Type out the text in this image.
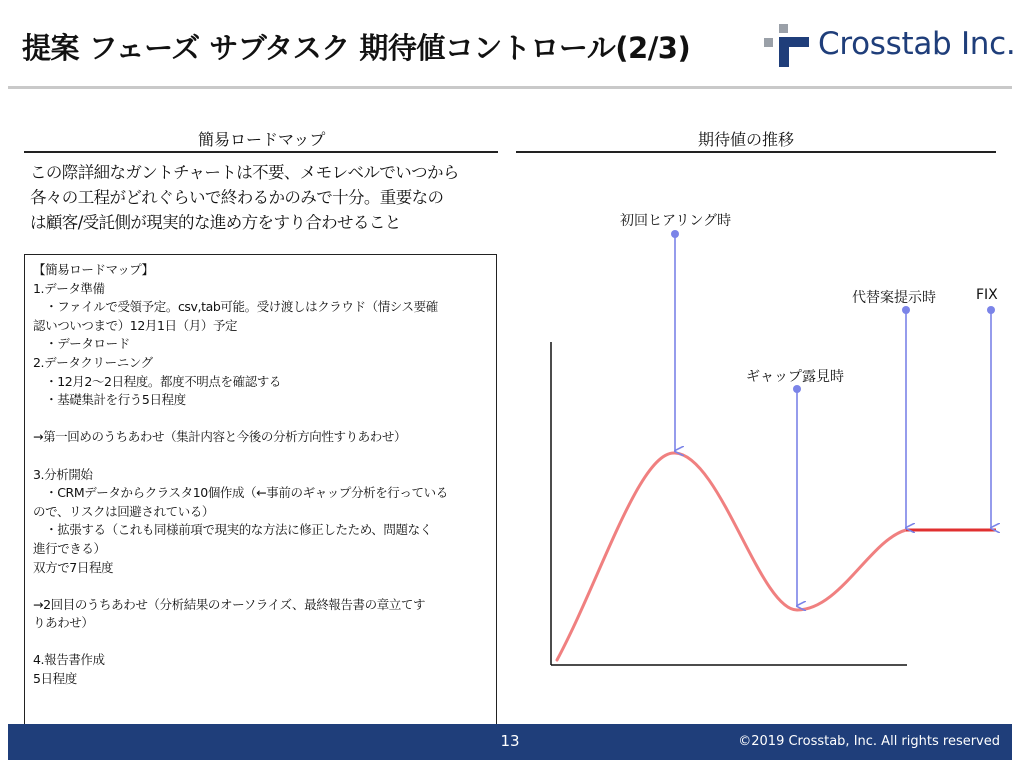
提案 フェーズ サブタスク 期待値コントロール(2/3)	Crosstab Inc.
簡易ロードマップ
この際詳細なガントチャートは不要、メモレベルでいつから
各々の工程がどれぐらいで終わるかのみで十分。重要なの
は顧客/受託側が現実的な進め方をすり合わせること
【簡易ロードマップ】
1.データ準備
　・ファイルで受領予定。csv,tab可能。受け渡しはクラウド（情シス要確
認いついつまで）12月1日（月）予定
　・データロード
2.データクリーニング
　・12月2～2日程度。都度不明点を確認する
　・基礎集計を行う5日程度
→第一回めのうちあわせ（集計内容と今後の分析方向性すりあわせ）
3.分析開始
　・CRMデータからクラスタ10個作成（←事前のギャップ分析を行っている
ので、リスクは回避されている）
　・拡張する（これも同様前項で現実的な方法に修正したため、問題なく
進行できる）
双方で7日程度
→2回目のうちあわせ（分析結果のオーソライズ、最終報告書の章立てす
りあわせ）
4.報告書作成
5日程度
期待値の推移
初回ヒアリング時
ギャップ露見時
代替案提示時	FIX
13	©2019 Crosstab, Inc. All rights reserved
